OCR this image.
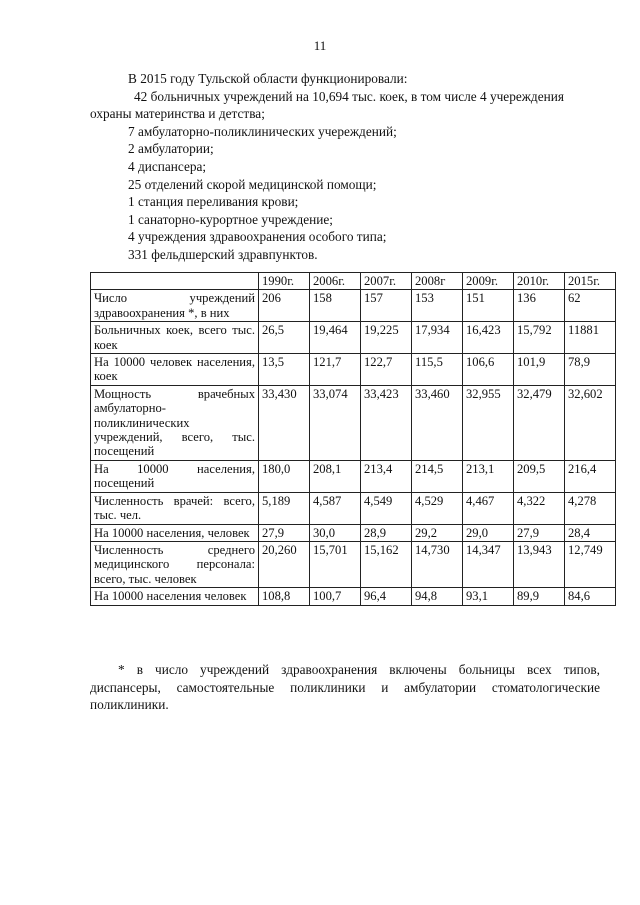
11

В 2015 году Тульской области функционировали:

42 больничных учреждений на 10,694 тыс. коек, в том числе 4 учереждения

охраны материнства и детства;

7 амбулаторно-поликлинических учереждений;

2 амбулатории;

4 диспансера;

25 отделений скорой медицинской помощи;

1 станция переливания крови;

1 санаторно-курортное учреждение;

4 учреждения здравоохранения особого типа;

331 фельдшерский здравпунктов.

	1990г.	2006г.	2007г.	2008г	2009г.	2010г.	2015г.
Число учреждений здравоохранения *, в них	206	158	157	153	151	136	62
Больничных коек, всего тыс. коек	26,5	19,464	19,225	17,934	16,423	15,792	11881
На 10000 человек населения, коек	13,5	121,7	122,7	115,5	106,6	101,9	78,9
Мощность врачебных амбулаторно-поликлинических учреждений, всего, тыс. посещений	33,430	33,074	33,423	33,460	32,955	32,479	32,602
На 10000 населения, посещений	180,0	208,1	213,4	214,5	213,1	209,5	216,4
Численность врачей: всего, тыс. чел.	5,189	4,587	4,549	4,529	4,467	4,322	4,278
На 10000 населения, человек	27,9	30,0	28,9	29,2	29,0	27,9	28,4
Численность среднего медицинского персонала: всего, тыс. человек	20,260	15,701	15,162	14,730	14,347	13,943	12,749
На 10000 населения человек	108,8	100,7	96,4	94,8	93,1	89,9	84,6

* в число учреждений здравоохранения включены больницы всех типов, диспансеры, самостоятельные поликлиники и амбулатории стоматологические поликлиники.
